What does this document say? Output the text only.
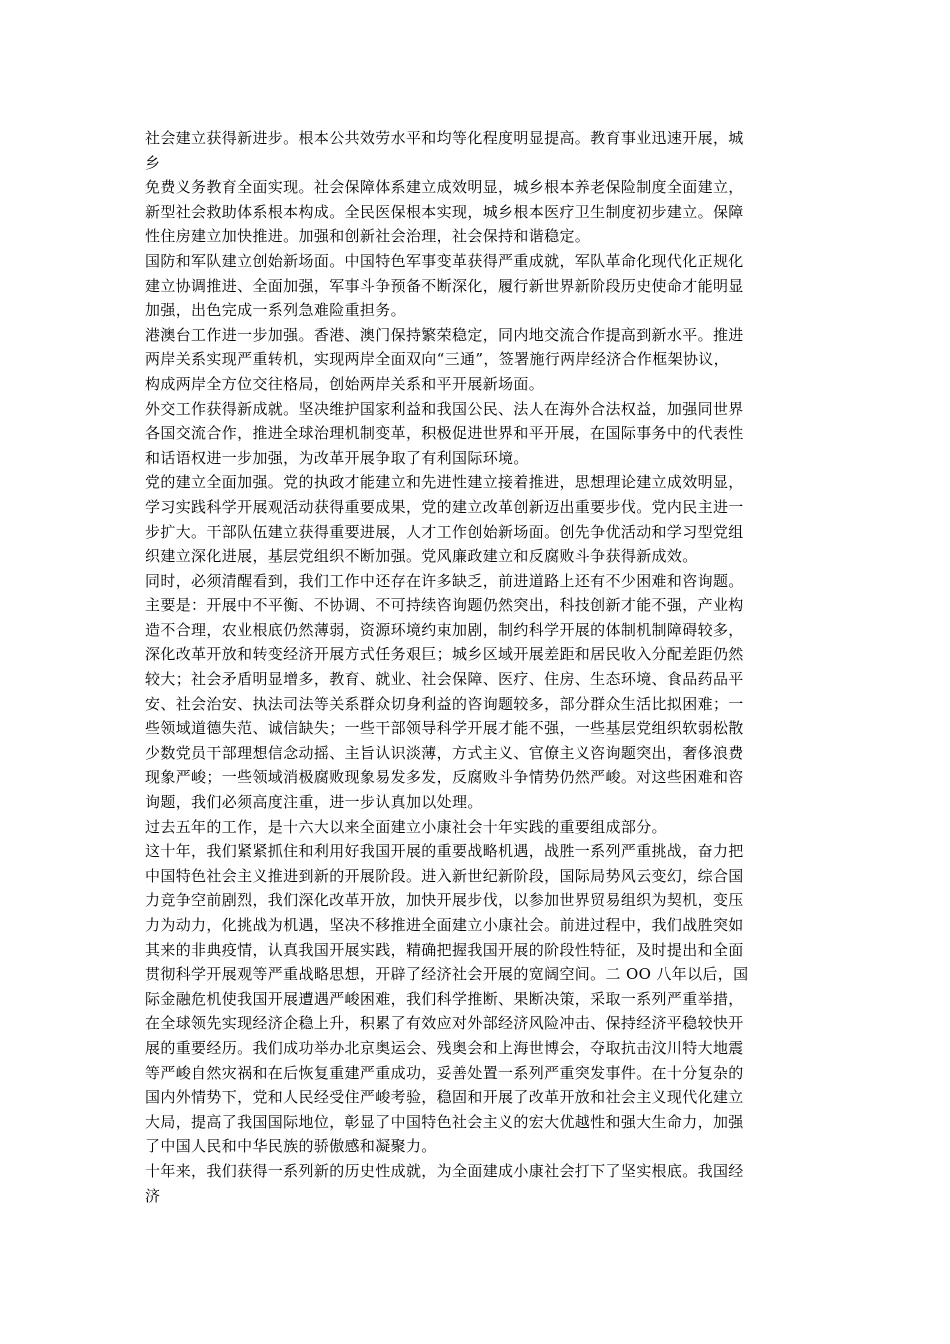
社会建立获得新进步。根本公共效劳水平和均等化程度明显提高。教育事业迅速开展，城
乡
免费义务教育全面实现。社会保障体系建立成效明显，城乡根本养老保险制度全面建立，
新型社会救助体系根本构成。全民医保根本实现，城乡根本医疗卫生制度初步建立。保障
性住房建立加快推进。加强和创新社会治理，社会保持和谐稳定。
国防和军队建立创始新场面。中国特色军事变革获得严重成就，军队革命化现代化正规化
建立协调推进、全面加强，军事斗争预备不断深化，履行新世界新阶段历史使命才能明显
加强，出色完成一系列急难险重担务。
港澳台工作进一步加强。香港、澳门保持繁荣稳定，同内地交流合作提高到新水平。推进
两岸关系实现严重转机，实现两岸全面双向“三通”，签署施行两岸经济合作框架协议，
构成两岸全方位交往格局，创始两岸关系和平开展新场面。
外交工作获得新成就。坚决维护国家利益和我国公民、法人在海外合法权益，加强同世界
各国交流合作，推进全球治理机制变革，积极促进世界和平开展，在国际事务中的代表性
和话语权进一步加强，为改革开展争取了有利国际环境。
党的建立全面加强。党的执政才能建立和先进性建立接着推进，思想理论建立成效明显，
学习实践科学开展观活动获得重要成果，党的建立改革创新迈出重要步伐。党内民主进一
步扩大。干部队伍建立获得重要进展，人才工作创始新场面。创先争优活动和学习型党组
织建立深化进展，基层党组织不断加强。党风廉政建立和反腐败斗争获得新成效。
同时，必须清醒看到，我们工作中还存在许多缺乏，前进道路上还有不少困难和咨询题。
主要是：开展中不平衡、不协调、不可持续咨询题仍然突出，科技创新才能不强，产业构
造不合理，农业根底仍然薄弱，资源环境约束加剧，制约科学开展的体制机制障碍较多，
深化改革开放和转变经济开展方式任务艰巨；城乡区域开展差距和居民收入分配差距仍然
较大；社会矛盾明显增多，教育、就业、社会保障、医疗、住房、生态环境、食品药品平
安、社会治安、执法司法等关系群众切身利益的咨询题较多，部分群众生活比拟困难；一
些领域道德失范、诚信缺失；一些干部领导科学开展才能不强，一些基层党组织软弱松散
少数党员干部理想信念动摇、主旨认识淡薄，方式主义、官僚主义咨询题突出，奢侈浪费
现象严峻；一些领域消极腐败现象易发多发，反腐败斗争情势仍然严峻。对这些困难和咨
询题，我们必须高度注重，进一步认真加以处理。
过去五年的工作，是十六大以来全面建立小康社会十年实践的重要组成部分。
这十年，我们紧紧抓住和利用好我国开展的重要战略机遇，战胜一系列严重挑战，奋力把
中国特色社会主义推进到新的开展阶段。进入新世纪新阶段，国际局势风云变幻，综合国
力竞争空前剧烈，我们深化改革开放，加快开展步伐，以参加世界贸易组织为契机，变压
力为动力，化挑战为机遇，坚决不移推进全面建立小康社会。前进过程中，我们战胜突如
其来的非典疫情，认真我国开展实践，精确把握我国开展的阶段性特征，及时提出和全面
贯彻科学开展观等严重战略思想，开辟了经济社会开展的宽阔空间。二 OO 八年以后，国
际金融危机使我国开展遭遇严峻困难，我们科学推断、果断决策，采取一系列严重举措，
在全球领先实现经济企稳上升，积累了有效应对外部经济风险冲击、保持经济平稳较快开
展的重要经历。我们成功举办北京奥运会、残奥会和上海世博会，夺取抗击汶川特大地震
等严峻自然灾祸和在后恢复重建严重成功，妥善处置一系列严重突发事件。在十分复杂的
国内外情势下，党和人民经受住严峻考验，稳固和开展了改革开放和社会主义现代化建立
大局，提高了我国国际地位，彰显了中国特色社会主义的宏大优越性和强大生命力，加强
了中国人民和中华民族的骄傲感和凝聚力。
十年来，我们获得一系列新的历史性成就，为全面建成小康社会打下了坚实根底。我国经
济
